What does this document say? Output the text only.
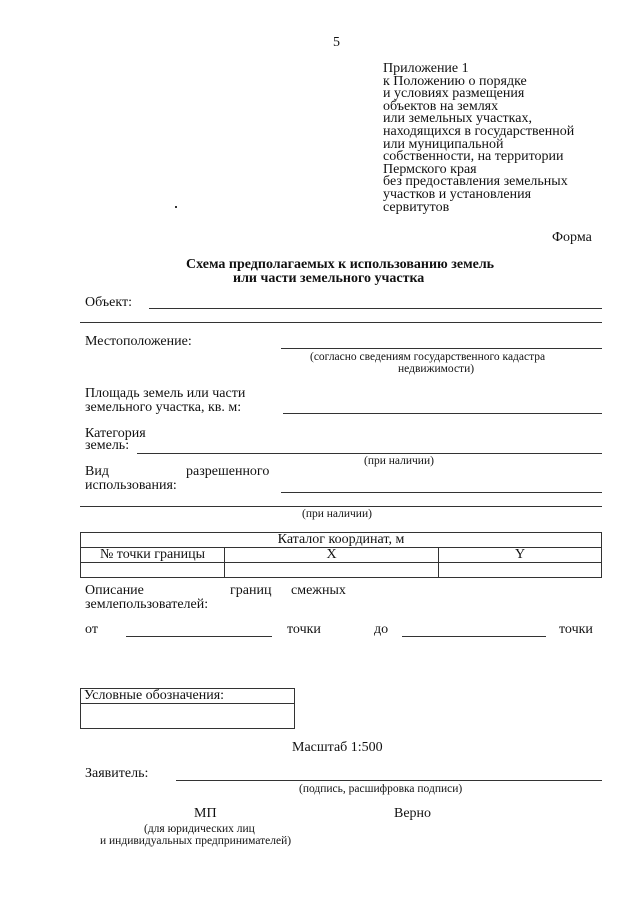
5
Приложение 1
к Положению о порядке
и условиях размещения
объектов на землях
или земельных участках,
находящихся в государственной
или муниципальной
собственности, на территории
Пермского края
без предоставления земельных
участков и установления
сервитутов
Форма
Схема предполагаемых к использованию земель
или части земельного участка
Объект:
Местоположение:
(согласно сведениям государственного кадастра
недвижимости)
Площадь земель или части
земельного участка, кв. м:
Категория
земель:
(при наличии)
Вид	разрешенного
использования:
(при наличии)
Каталог координат, м		
№ точки границы	X	Y

Описание	границ смежных
землепользователей:
от	точки	до	точки
Условные обозначения:
Масштаб 1:500
Заявитель:
(подпись, расшифровка подписи)
МП	Верно
(для юридических лиц
и индивидуальных предпринимателей)
